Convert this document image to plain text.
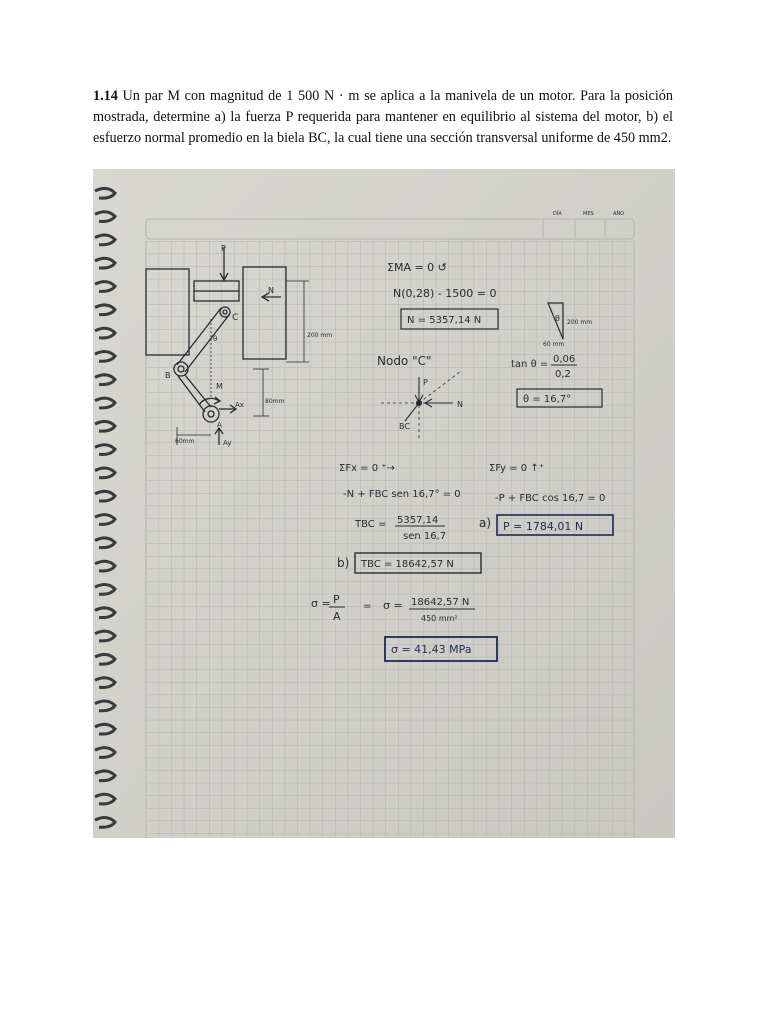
1.14 Un par M con magnitud de 1 500 N · m se aplica a la manivela de un motor. Para la posición mostrada, determine a) la fuerza P requerida para mantener en equilibrio al sistema del motor, b) el esfuerzo normal promedio en la biela BC, la cual tiene una sección transversal uniforme de 450 mm2.
DÍA	MES	AÑO
P
N
C
θ
B
M
Ax
A
Ay
200 mm
80mm
60mm
ΣMA = 0 ↺
N(0,28) - 1500 = 0
N = 5357,14 N	θ 200 mm
60 mm
tan θ = 0,06
0,2
θ = 16,7°
Nodo "C"
P
N
BC
ΣFx = 0 ⁺→	ΣFy = 0 ↑⁺
-N + FBC sen 16,7° = 0	-P + FBC cos 16,7 = 0
TBC = 5357,14
sen 16,7
a) P = 1784,01 N
b) TBC = 18642,57 N
σ = P
A
= σ = 18642,57 N
450 mm²
σ = 41,43 MPa
